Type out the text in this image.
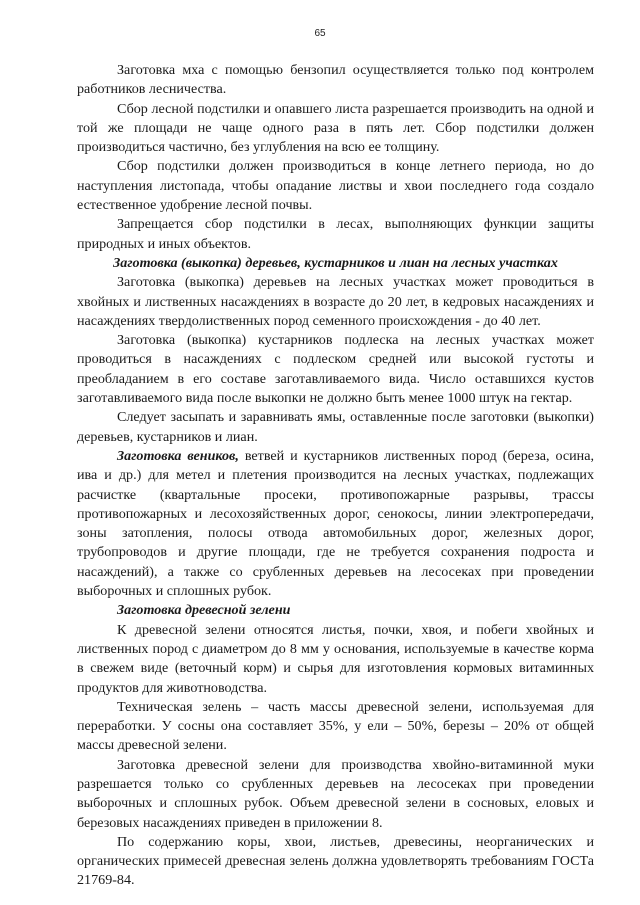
65

Заготовка мха с помощью бензопил осуществляется только под контролем работников лесничества.

Сбор лесной подстилки и опавшего листа разрешается производить на одной и той же площади не чаще одного раза в пять лет. Сбор подстилки должен производиться частично, без углубления на всю ее толщину.

Сбор подстилки должен производиться в конце летнего периода, но до наступления листопада, чтобы опадание листвы и хвои последнего года создало естественное удобрение лесной почвы.

Запрещается сбор подстилки в лесах, выполняющих функции защиты природных и иных объектов.

Заготовка (выкопка) деревьев, кустарников и лиан на лесных участках

Заготовка (выкопка) деревьев на лесных участках может проводиться в хвойных и лиственных насаждениях в возрасте до 20 лет, в кедровых насаждениях и насаждениях твердолиственных пород семенного происхождения - до 40 лет.

Заготовка (выкопка) кустарников подлеска на лесных участках может проводиться в насаждениях с подлеском средней или высокой густоты и преобладанием в его составе заготавливаемого вида. Число оставшихся кустов заготавливаемого вида после выкопки не должно быть менее 1000 штук на гектар.

Следует засыпать и заравнивать ямы, оставленные после заготовки (выкопки) деревьев, кустарников и лиан.

Заготовка веников, ветвей и кустарников лиственных пород (береза, осина, ива и др.) для метел и плетения производится на лесных участках, подлежащих расчистке (квартальные просеки, противопожарные разрывы, трассы противопожарных и лесохозяйственных дорог, сенокосы, линии электропередачи, зоны затопления, полосы отвода автомобильных дорог, железных дорог, трубопроводов и другие площади, где не требуется сохранения подроста и насаждений), а также со срубленных деревьев на лесосеках при проведении выборочных и сплошных рубок.

Заготовка древесной зелени

К древесной зелени относятся листья, почки, хвоя, и побеги хвойных и лиственных пород с диаметром до 8 мм у основания, используемые в качестве корма в свежем виде (веточный корм) и сырья для изготовления кормовых витаминных продуктов для животноводства.

Техническая зелень – часть массы древесной зелени, используемая для переработки. У сосны она составляет 35%, у ели – 50%, березы – 20% от общей массы древесной зелени.

Заготовка древесной зелени для производства хвойно-витаминной муки разрешается только со срубленных деревьев на лесосеках при проведении выборочных и сплошных рубок. Объем древесной зелени в сосновых, еловых и березовых насаждениях приведен в приложении 8.

По содержанию коры, хвои, листьев, древесины, неорганических и органических примесей древесная зелень должна удовлетворять требованиям ГОСТа 21769-84.
